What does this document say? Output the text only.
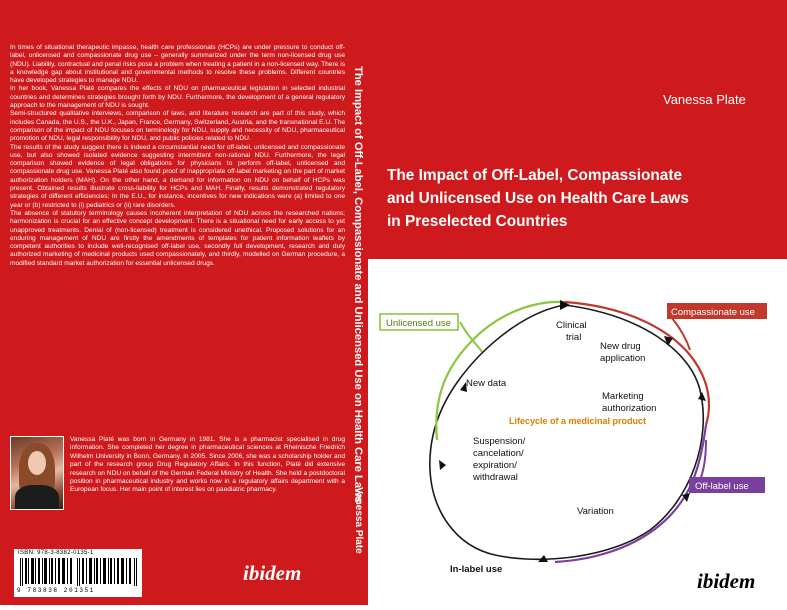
In times of situational therapeutic impasse, health care professionals (HCPs) are under pressure to conduct off-label, unlicensed and compassionate drug use – generally summarized under the term non-licensed drug use (NDU). Liability, contractual and penal risks pose a problem when treating a patient in a non-licensed way. There is a knowledge gap about institutional and governmental methods to resolve these problems. Different countries have developed strategies to manage NDU.

In her book, Vanessa Platé compares the effects of NDU on pharmaceutical legislation in selected industrial countries and determines strategies brought forth by NDU. Furthermore, the development of a general regulatory approach to the management of NDU is sought.

Semi-structured qualitative interviews, comparison of laws, and literature research are part of this study, which includes Canada, the U.S., the U.K., Japan, France, Germany, Switzerland, Austria, and the transnational E.U. The comparison of the impact of NDU focuses on terminology for NDU, supply and necessity of NDU, pharmaceutical promotion of NDU, legal responsibility for NDU, and public policies related to NDU.

The results of the study suggest there is indeed a circumstantial need for off-label, unlicensed and compassionate use, but also showed isolated evidence suggesting intermittent non-rational NDU. Furthermore, the legal comparison showed evidence of legal obligations for physicians to perform off-label, unlicensed and compassionate drug use. Vanessa Platé also found proof of inappropriate off-label marketing on the part of market authorization holders (MAH). On the other hand, a demand for information on NDU on behalf of HCPs was present. Obtained results illustrate cross-liability for HCPs and MAH. Finally, results demonstrated regulatory strategies of different efficiencies: In the E.U., for instance, incentives for new indications were (a) limited to one year or (b) restricted to (i) pediatrics or (ii) rare disorders.

The absence of statutory terminology causes incoherent interpretation of NDU across the researched nations; harmonization is crucial for an effective concept development. There is a situational need for early access to yet unapproved treatments. Denial of (non-licensed) treatment is considered unethical. Proposed solutions for an enduring management of NDU are firstly the amendments of templates for patient information leaflets by competent authorities to include well-recognised off-label use, secondly full development, research and duly authorized marketing of medicinal products used compassionately, and thirdly, modelled on German procedure, a modified standard market authorization for essential unlicensed drugs.

Vanessa Platé was born in Germany in 1981. She is a pharmacist specialised in drug information. She completed her degree in pharmaceutical sciences at Rheinische Friedrich Wilhelm University in Bonn, Germany, in 2005. Since 2006, she was a scholarship holder and part of the research group Drug Regulatory Affairs. In this function, Platé did extensive research on NDU on behalf of the German Federal Ministry of Health. She held a postdoctoral position in pharmaceutical industry and works now in a regulatory affairs department with a European focus. Her main point of interest lies on paediatric pharmacy.
ISBN: 978-3-8382-0135-1
9 783838 201351
ibidem
The Impact of Off-Label, Compassionate and Unlicensed Use on Health Care Laws
Vanessa Plate
Vanessa Plate
The Impact of Off-Label, Compassionate
and Unlicensed Use on Health Care Laws
in Preselected Countries
Unlicensed use
Compassionate use
Off-label use
In-label use
Clinical trial
New drug application
Marketing authorization
Variation
Suspension/ cancelation/ expiration/ withdrawal
New data
Lifecycle of a medicinal product
ibidem
